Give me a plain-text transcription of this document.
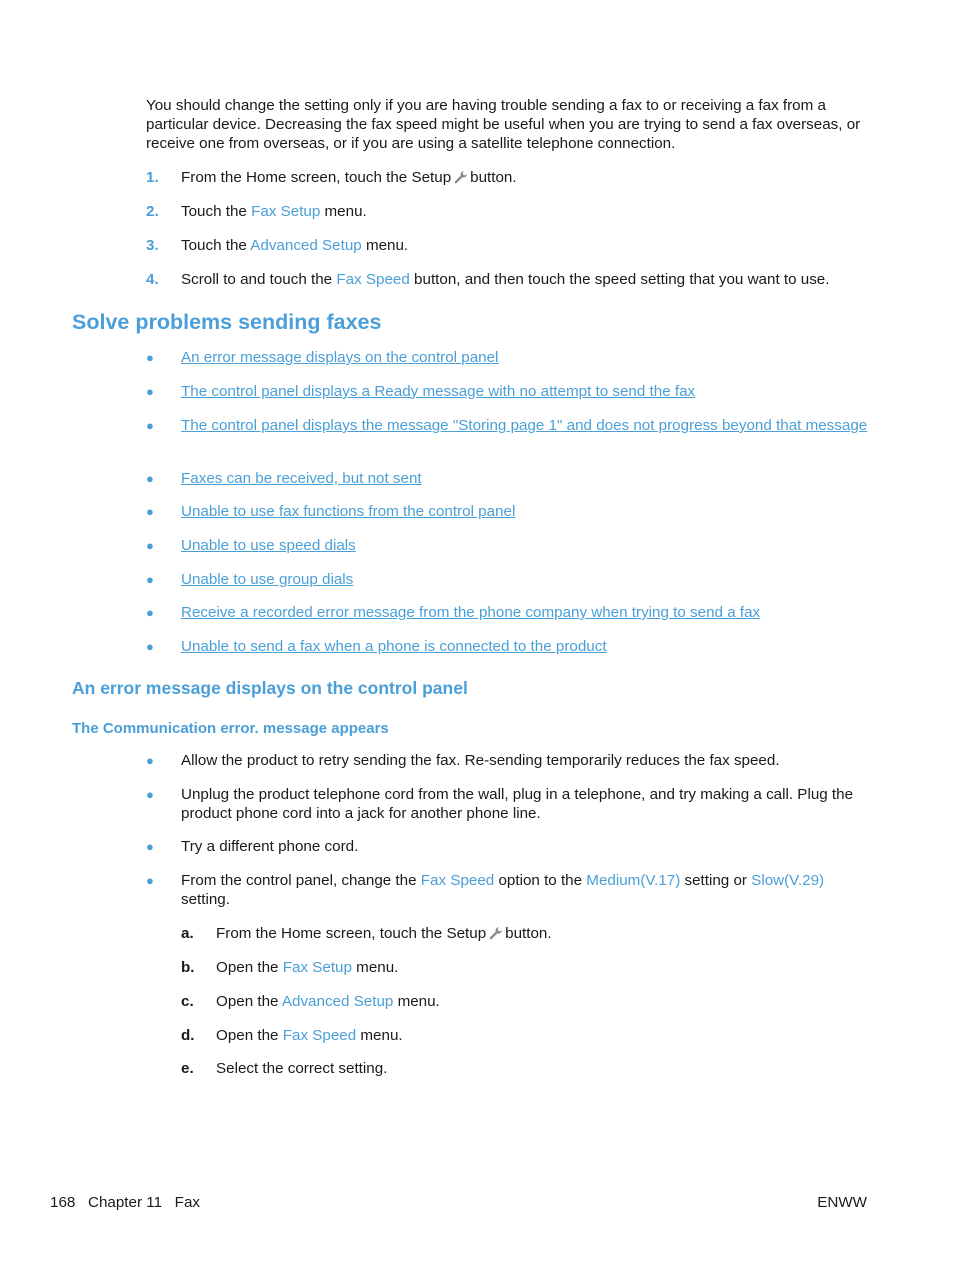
You should change the setting only if you are having trouble sending a fax to or receiving a fax from a particular device. Decreasing the fax speed might be useful when you are trying to send a fax overseas, or receive one from overseas, or if you are using a satellite telephone connection.

1. From the Home screen, touch the Setup button.
2. Touch the Fax Setup menu.
3. Touch the Advanced Setup menu.
4. Scroll to and touch the Fax Speed button, and then touch the speed setting that you want to use.
Solve problems sending faxes
● An error message displays on the control panel
● The control panel displays a Ready message with no attempt to send the fax
● The control panel displays the message "Storing page 1" and does not progress beyond that message
● Faxes can be received, but not sent
● Unable to use fax functions from the control panel
● Unable to use speed dials
● Unable to use group dials
● Receive a recorded error message from the phone company when trying to send a fax
● Unable to send a fax when a phone is connected to the product
An error message displays on the control panel
The Communication error. message appears
● Allow the product to retry sending the fax. Re-sending temporarily reduces the fax speed.
● Unplug the product telephone cord from the wall, plug in a telephone, and try making a call. Plug the product phone cord into a jack for another phone line.
● Try a different phone cord.
● From the control panel, change the Fax Speed option to the Medium(V.17) setting or Slow(V.29) setting.
a. From the Home screen, touch the Setup button.
b. Open the Fax Setup menu.
c. Open the Advanced Setup menu.
d. Open the Fax Speed menu.
e. Select the correct setting.
168   Chapter 11   Fax	ENWW
